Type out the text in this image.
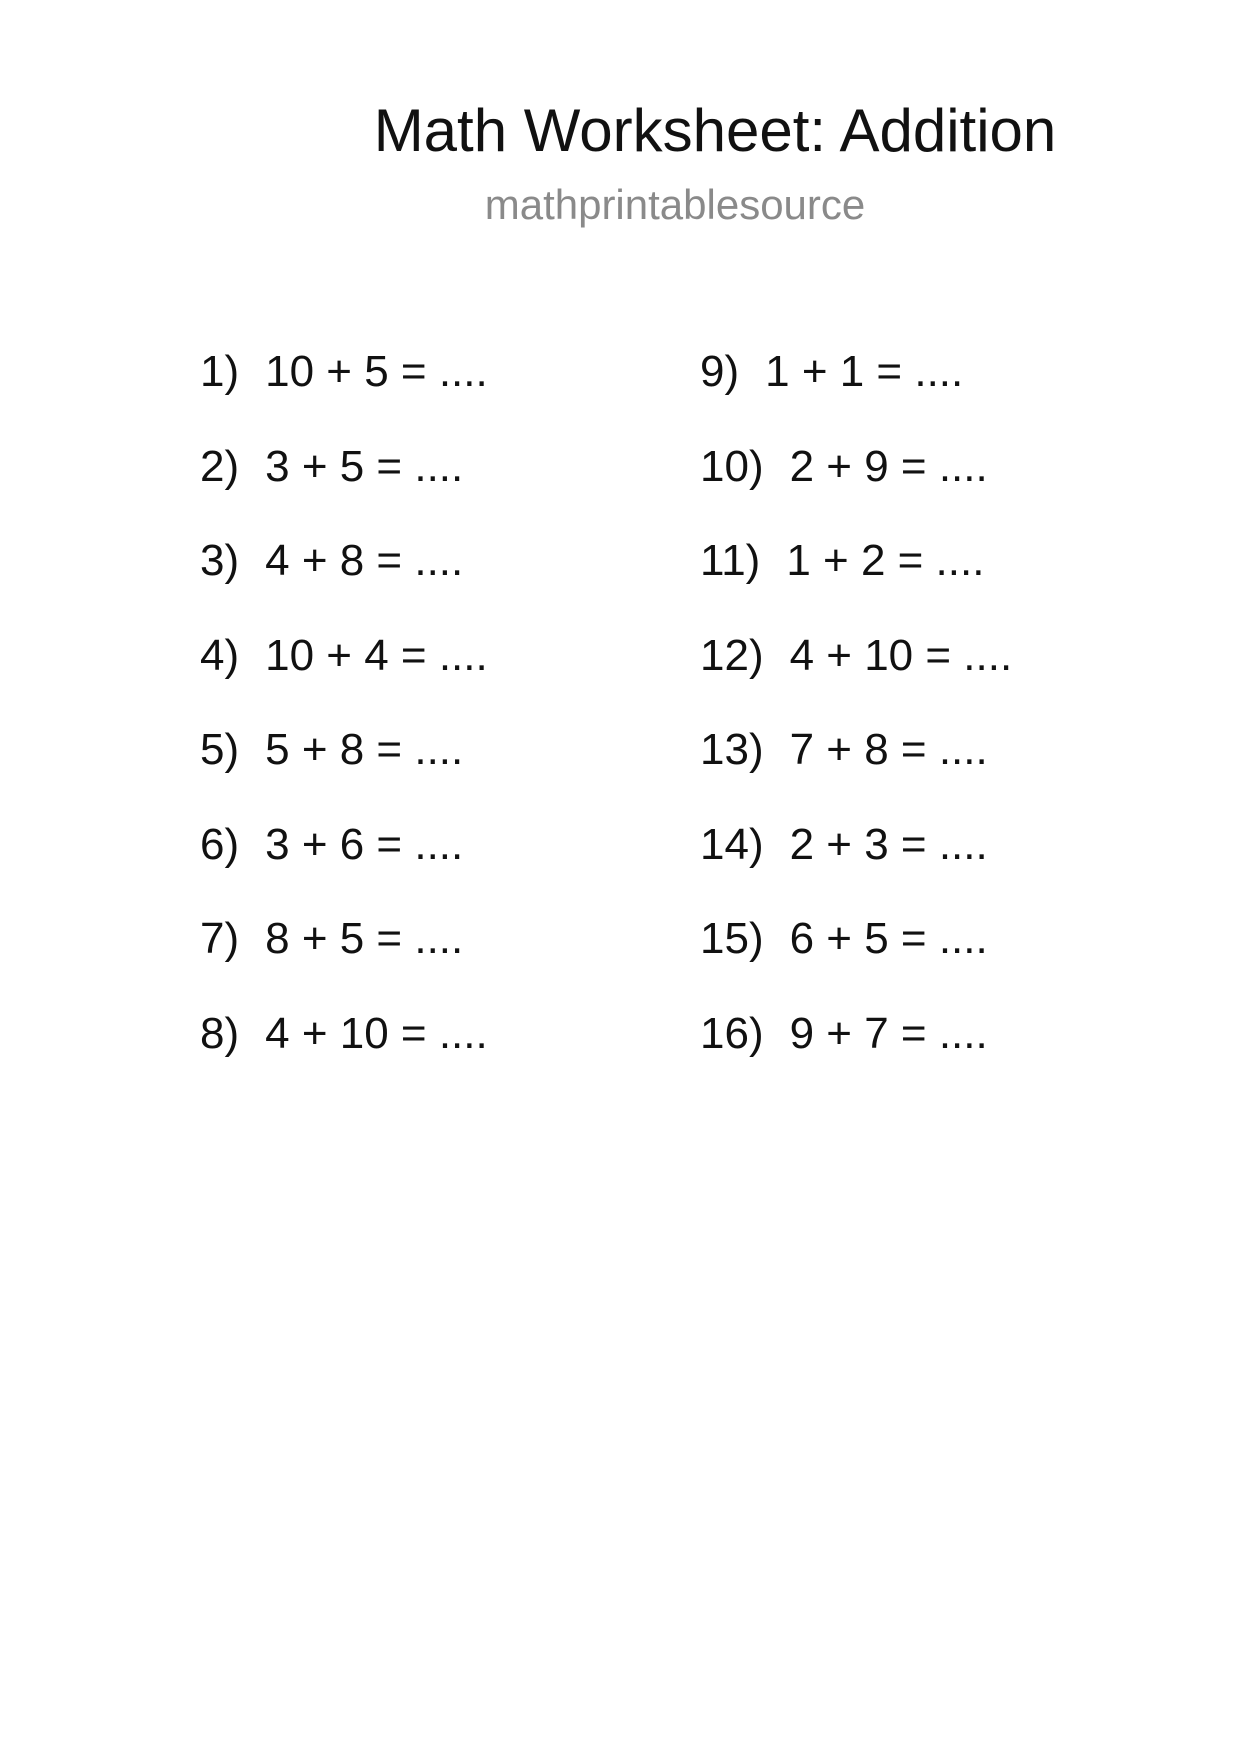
Math Worksheet: Addition
mathprintablesource
1) 10 + 5 = ....
2) 3 + 5 = ....
3) 4 + 8 = ....
4) 10 + 4 = ....
5) 5 + 8 = ....
6) 3 + 6 = ....
7) 8 + 5 = ....
8) 4 + 10 = ....
9) 1 + 1 = ....
10) 2 + 9 = ....
11) 1 + 2 = ....
12) 4 + 10 = ....
13) 7 + 8 = ....
14) 2 + 3 = ....
15) 6 + 5 = ....
16) 9 + 7 = ....
